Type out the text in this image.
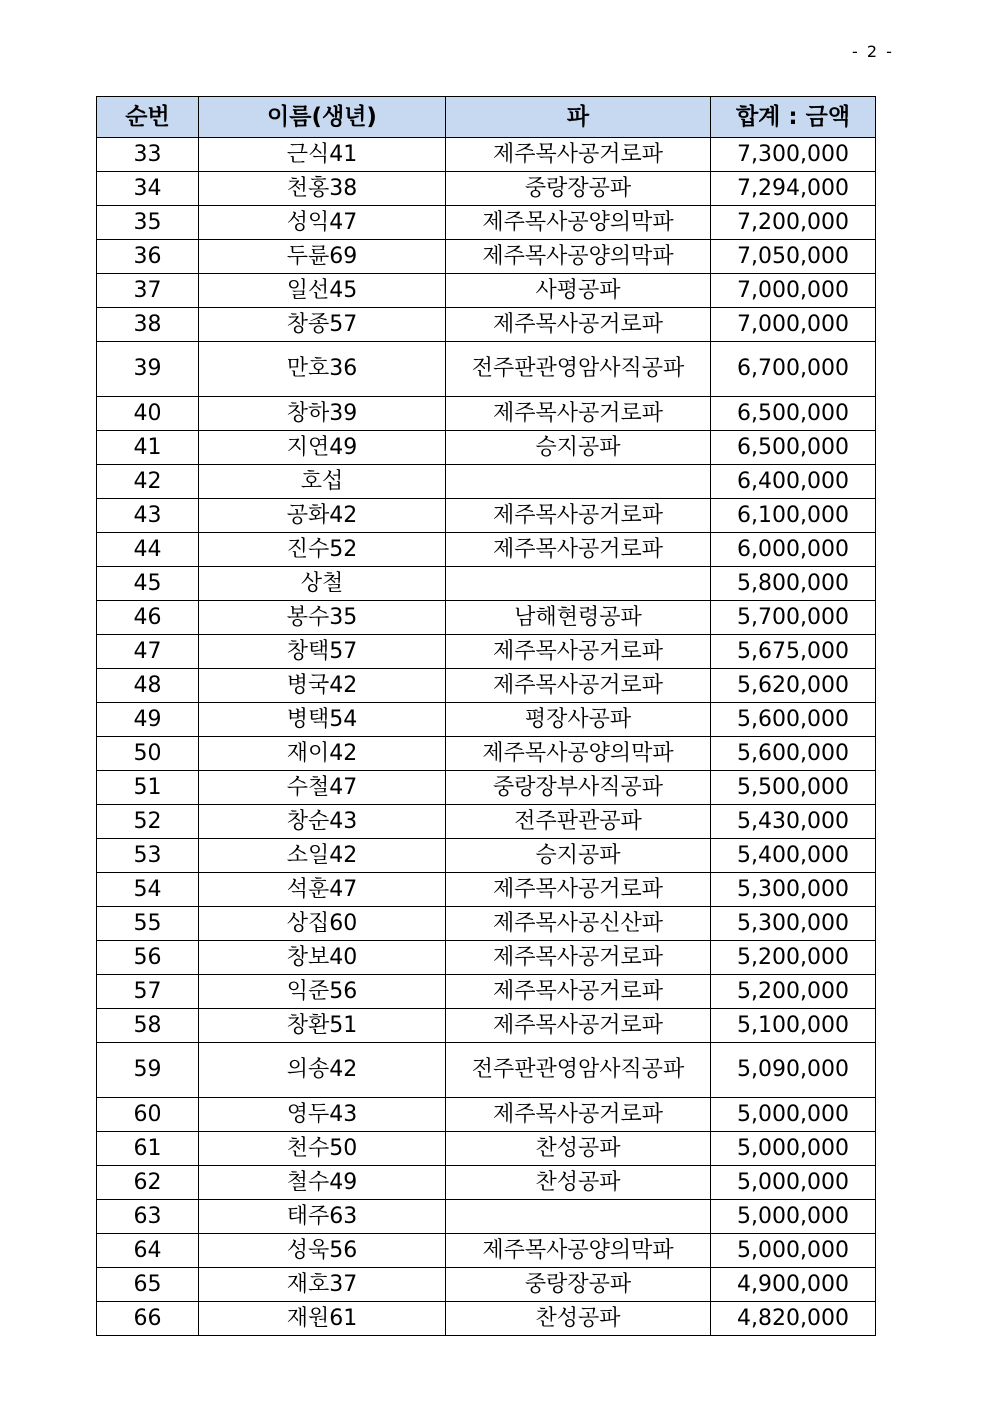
- 2 -
순번	이름(생년)	파	합계 : 금액
33	근식41	제주목사공거로파	7,300,000
34	천홍38	중랑장공파	7,294,000
35	성익47	제주목사공양의막파	7,200,000
36	두륜69	제주목사공양의막파	7,050,000
37	일선45	사평공파	7,000,000
38	창종57	제주목사공거로파	7,000,000
39	만호36	전주판관영암사직공파	6,700,000
40	창하39	제주목사공거로파	6,500,000
41	지연49	승지공파	6,500,000
42	호섭		6,400,000
43	공화42	제주목사공거로파	6,100,000
44	진수52	제주목사공거로파	6,000,000
45	상철		5,800,000
46	봉수35	남해현령공파	5,700,000
47	창택57	제주목사공거로파	5,675,000
48	병국42	제주목사공거로파	5,620,000
49	병택54	평장사공파	5,600,000
50	재이42	제주목사공양의막파	5,600,000
51	수철47	중랑장부사직공파	5,500,000
52	창순43	전주판관공파	5,430,000
53	소일42	승지공파	5,400,000
54	석훈47	제주목사공거로파	5,300,000
55	상집60	제주목사공신산파	5,300,000
56	창보40	제주목사공거로파	5,200,000
57	익준56	제주목사공거로파	5,200,000
58	창환51	제주목사공거로파	5,100,000
59	의송42	전주판관영암사직공파	5,090,000
60	영두43	제주목사공거로파	5,000,000
61	천수50	찬성공파	5,000,000
62	철수49	찬성공파	5,000,000
63	태주63		5,000,000
64	성욱56	제주목사공양의막파	5,000,000
65	재호37	중랑장공파	4,900,000
66	재원61	찬성공파	4,820,000
